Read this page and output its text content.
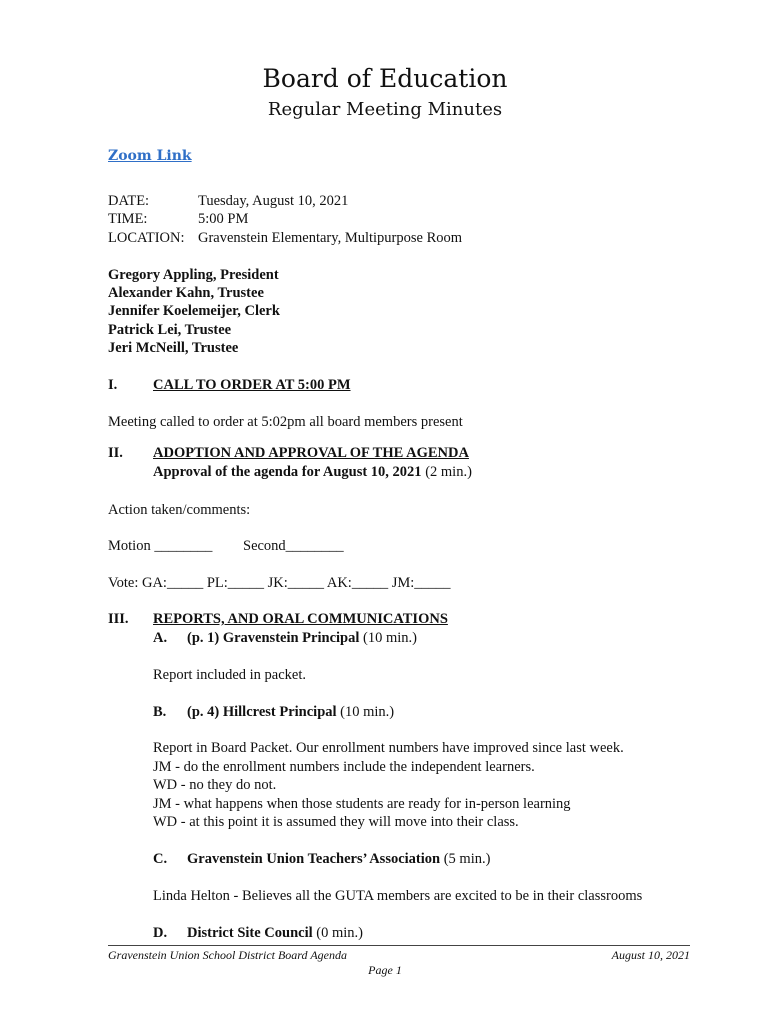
Board of Education
Regular Meeting Minutes
Zoom Link
DATE:	Tuesday, August 10, 2021
TIME:	5:00 PM
LOCATION: Gravenstein Elementary, Multipurpose Room
Gregory Appling, President
Alexander Kahn, Trustee
Jennifer Koelemeijer, Clerk
Patrick Lei, Trustee
Jeri McNeill, Trustee
I.	CALL TO ORDER AT 5:00 PM
Meeting called to order at 5:02pm all board members present
II. ADOPTION AND APPROVAL OF THE AGENDA
Approval of the agenda for August 10, 2021 (2 min.)
Action taken/comments:
Motion ________ Second________
Vote: GA:_____ PL:_____ JK:_____ AK:_____ JM:_____
III.	REPORTS, AND ORAL COMMUNICATIONS
A. (p. 1) Gravenstein Principal (10 min.)
Report included in packet.
B. (p. 4) Hillcrest Principal (10 min.)
Report in Board Packet. Our enrollment numbers have improved since last week.
JM - do the enrollment numbers include the independent learners.
WD - no they do not.
JM - what happens when those students are ready for in-person learning
WD - at this point it is assumed they will move into their class.
C. Gravenstein Union Teachers’ Association (5 min.)
Linda Helton - Believes all the GUTA members are excited to be in their classrooms
D. District Site Council (0 min.)
Gravenstein Union School District Board Agenda	August 10, 2021
Page 1
